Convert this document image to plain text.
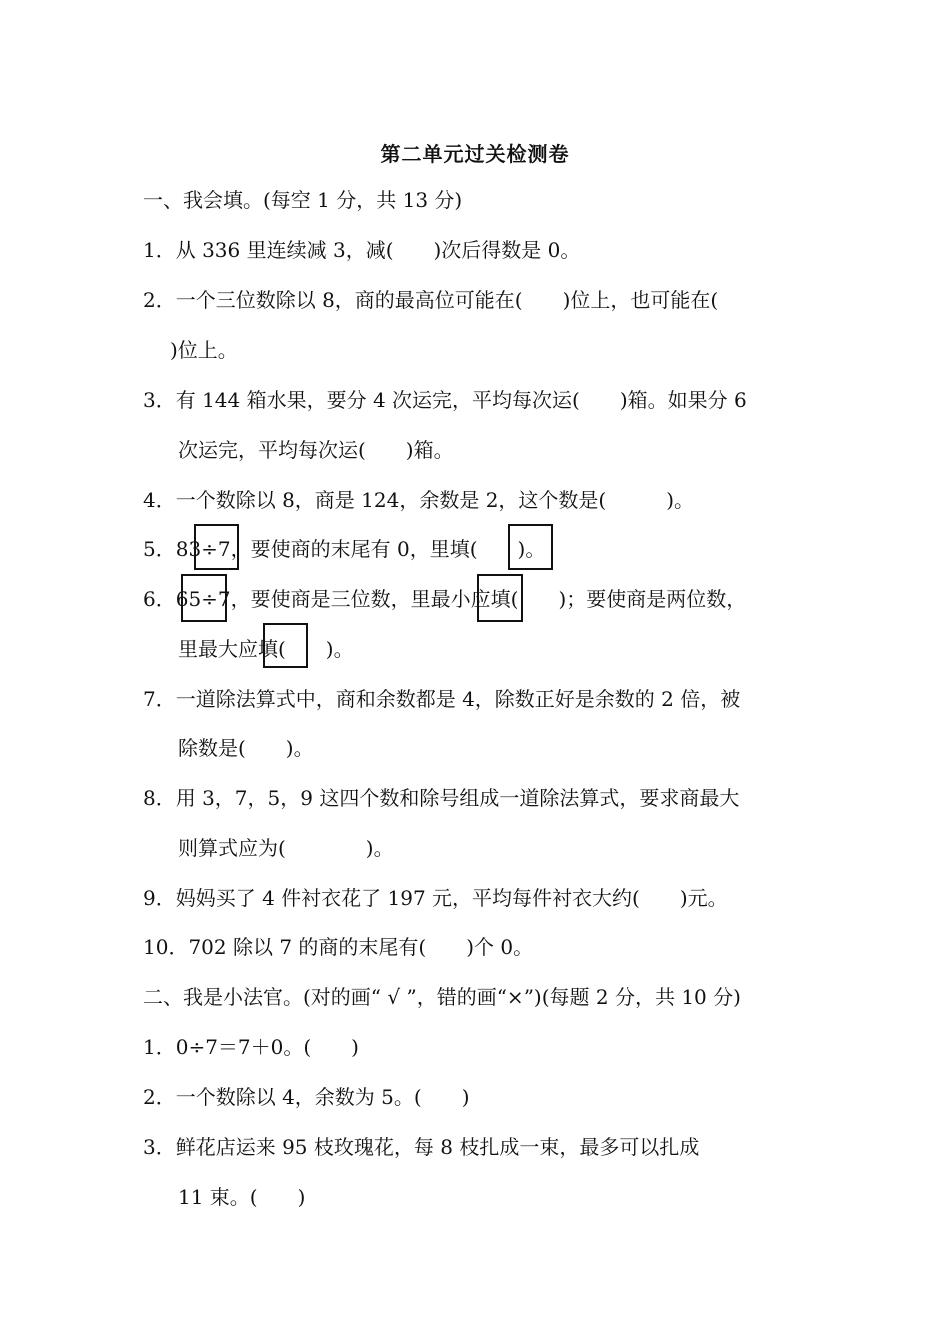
第二单元过关检测卷
一、我会填。(每空 1 分，共 13 分)
1．从 336 里连续减 3，减(　　)次后得数是 0。
2．一个三位数除以 8，商的最高位可能在(　　)位上，也可能在(
)位上。
3．有 144 箱水果，要分 4 次运完，平均每次运(　　)箱。如果分 6
次运完，平均每次运(　　)箱。
4．一个数除以 8，商是 124，余数是 2，这个数是(　　　)。
5．83÷7，要使商的末尾有 0，里填(　　)。
6．65÷7，要使商是三位数，里最小应填(　　)；要使商是两位数，
里最大应填(　　)。
7．一道除法算式中，商和余数都是 4，除数正好是余数的 2 倍，被
除数是(　　)。
8．用 3，7，5，9 这四个数和除号组成一道除法算式，要求商最大
则算式应为(　　　　)。
9．妈妈买了 4 件衬衣花了 197 元，平均每件衬衣大约(　　)元。
10．702 除以 7 的商的末尾有(　　)个 0。
二、我是小法官。(对的画“ √ ”，错的画“×”)(每题 2 分，共 10 分)
1．0÷7＝7＋0。(　　)
2．一个数除以 4，余数为 5。(　　)
3．鲜花店运来 95 枝玫瑰花，每 8 枝扎成一束，最多可以扎成
11 束。(　　)
